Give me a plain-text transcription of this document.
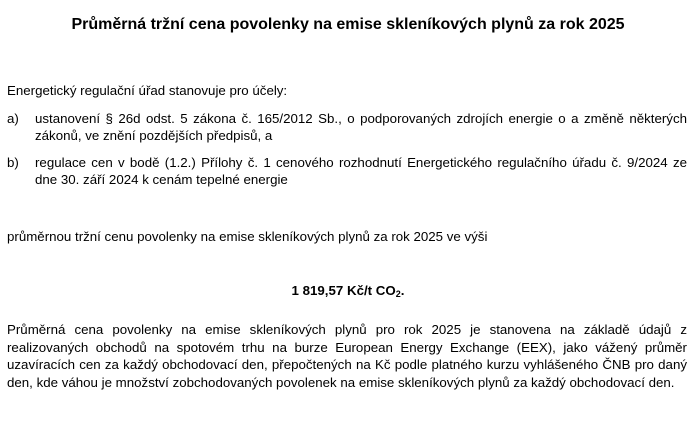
Průměrná tržní cena povolenky na emise skleníkových plynů za rok 2025
Energetický regulační úřad stanovuje pro účely:
a) ustanovení § 26d odst. 5 zákona č. 165/2012 Sb., o podporovaných zdrojích energie o a změně některých zákonů, ve znění pozdějších předpisů, a
b) regulace cen v bodě (1.2.) Přílohy č. 1 cenového rozhodnutí Energetického regulačního úřadu č. 9/2024 ze dne 30. září 2024 k cenám tepelné energie
průměrnou tržní cenu povolenky na emise skleníkových plynů za rok 2025 ve výši
1 819,57 Kč/t $CO_2$.
Průměrná cena povolenky na emise skleníkových plynů pro rok 2025 je stanovena na základě údajů z realizovaných obchodů na spotovém trhu na burze European Energy Exchange (EEX), jako vážený průměr uzavíracích cen za každý obchodovací den, přepočtených na Kč podle platného kurzu vyhlášeného ČNB pro daný den, kde váhou je množství zobchodovaných povolenek na emise skleníkových plynů za každý obchodovací den.
